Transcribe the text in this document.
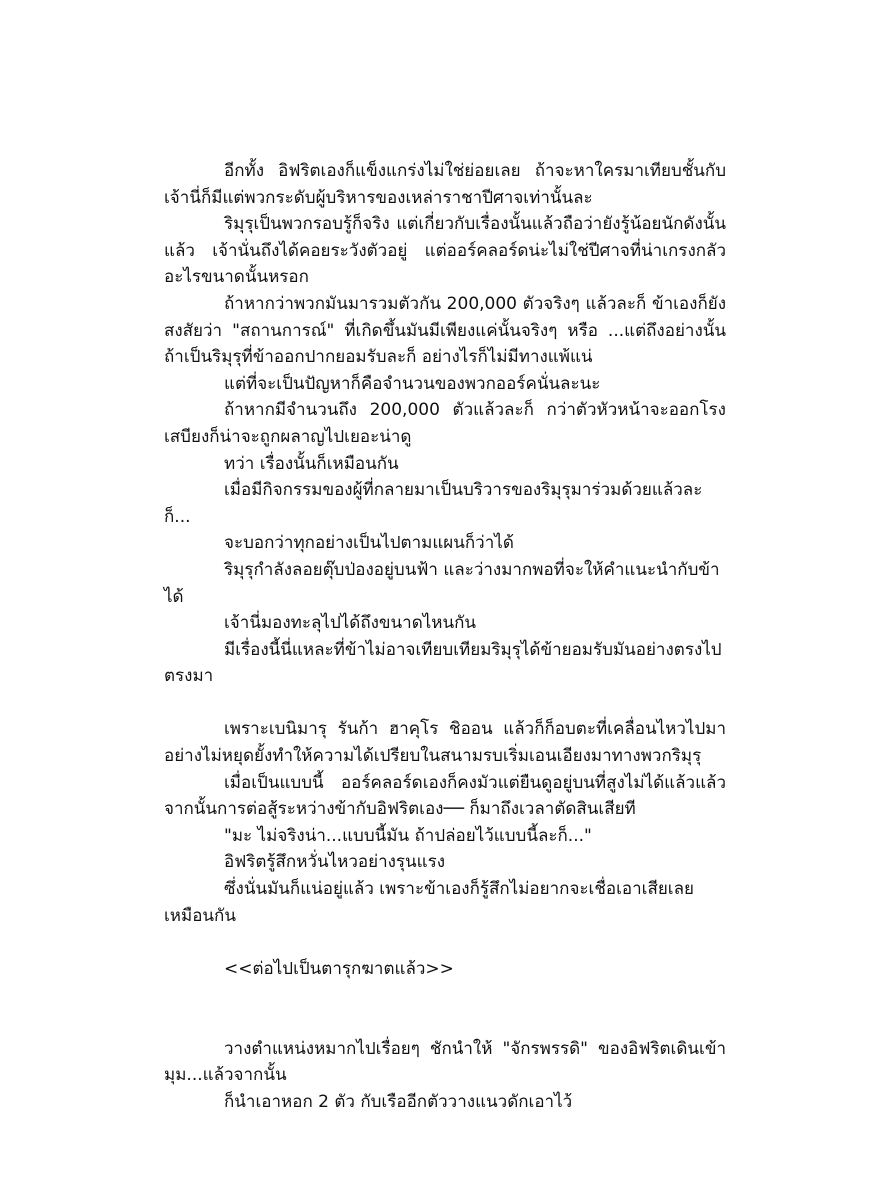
อีกทั้ง อิฟริตเองก็แข็งแกร่งไม่ใช่ย่อยเลย ถ้าจะหาใครมาเทียบชั้นกับเจ้านี่ก็มีแต่พวกระดับผู้บริหารของเหล่าราชาปีศาจเท่านั้นละ

ริมุรุเป็นพวกรอบรู้ก็จริง แต่เกี่ยวกับเรื่องนั้นแล้วถือว่ายังรู้น้อยนักดังนั้นแล้ว เจ้านั่นถึงได้คอยระวังตัวอยู่ แต่ออร์คลอร์ดน่ะไม่ใช่ปีศาจที่น่าเกรงกลัวอะไรขนาดนั้นหรอก

ถ้าหากว่าพวกมันมารวมตัวกัน 200,000 ตัวจริงๆ แล้วละก็ ข้าเองก็ยังสงสัยว่า "สถานการณ์" ที่เกิดขึ้นมันมีเพียงแค่นั้นจริงๆ หรือ ...แต่ถึงอย่างนั้นถ้าเป็นริมุรุที่ข้าออกปากยอมรับละก็ อย่างไรก็ไม่มีทางแพ้แน่

แต่ที่จะเป็นปัญหาก็คือจำนวนของพวกออร์คนั่นละนะ

ถ้าหากมีจำนวนถึง 200,000 ตัวแล้วละก็ กว่าตัวหัวหน้าจะออกโรงเสบียงก็น่าจะถูกผลาญไปเยอะน่าดู

ทว่า เรื่องนั้นก็เหมือนกัน

เมื่อมีกิจกรรมของผู้ที่กลายมาเป็นบริวารของริมุรุมาร่วมด้วยแล้วละก็...

จะบอกว่าทุกอย่างเป็นไปตามแผนก็ว่าได้

ริมุรุกำลังลอยตุ๊บป่องอยู่บนฟ้า และว่างมากพอที่จะให้คำแนะนำกับข้าได้

เจ้านี่มองทะลุไปได้ถึงขนาดไหนกัน

มีเรื่องนี้นี่แหละที่ข้าไม่อาจเทียบเทียมริมุรุได้ข้ายอมรับมันอย่างตรงไปตรงมา

เพราะเบนิมารุ รันก้า ฮาคุโร ชิออน แล้วก็ก็อบตะที่เคลื่อนไหวไปมาอย่างไม่หยุดยั้งทำให้ความได้เปรียบในสนามรบเริ่มเอนเอียงมาทางพวกริมุรุ

เมื่อเป็นแบบนี้ ออร์คลอร์ดเองก็คงมัวแต่ยืนดูอยู่บนที่สูงไม่ได้แล้วแล้วจากนั้นการต่อสู้ระหว่างข้ากับอิฟริตเอง── ก็มาถึงเวลาตัดสินเสียที

"มะ ไม่จริงน่า...แบบนี้มัน ถ้าปล่อยไว้แบบนี้ละก็..."

อิฟริตรู้สึกหวั่นไหวอย่างรุนแรง

ซึ่งนั่นมันก็แน่อยู่แล้ว เพราะข้าเองก็รู้สึกไม่อยากจะเชื่อเอาเสียเลยเหมือนกัน

<<ต่อไปเป็นตารุกฆาตแล้ว>>

วางตำแหน่งหมากไปเรื่อยๆ ชักนำให้ "จักรพรรดิ" ของอิฟริตเดินเข้ามุม...แล้วจากนั้น

ก็นำเอาหอก 2 ตัว กับเรืออีกตัววางแนวดักเอาไว้
